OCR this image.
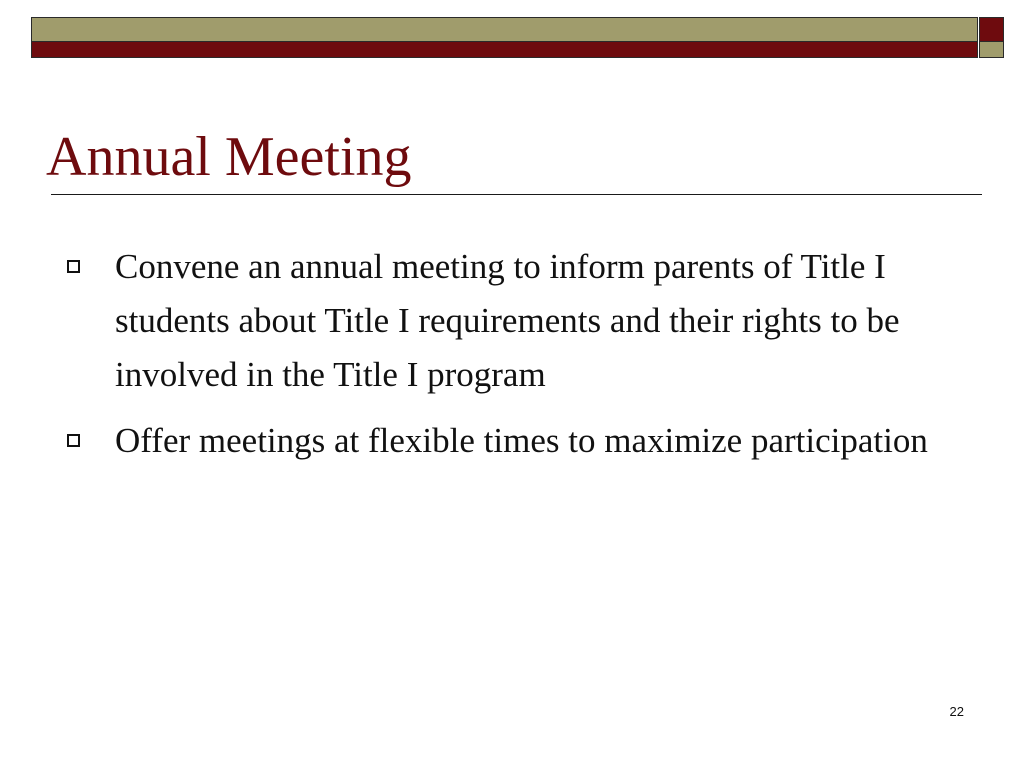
Annual Meeting
Convene an annual meeting to inform parents of Title I students about Title I requirements and their rights to be involved in the Title I program
Offer meetings at flexible times to maximize participation
22
